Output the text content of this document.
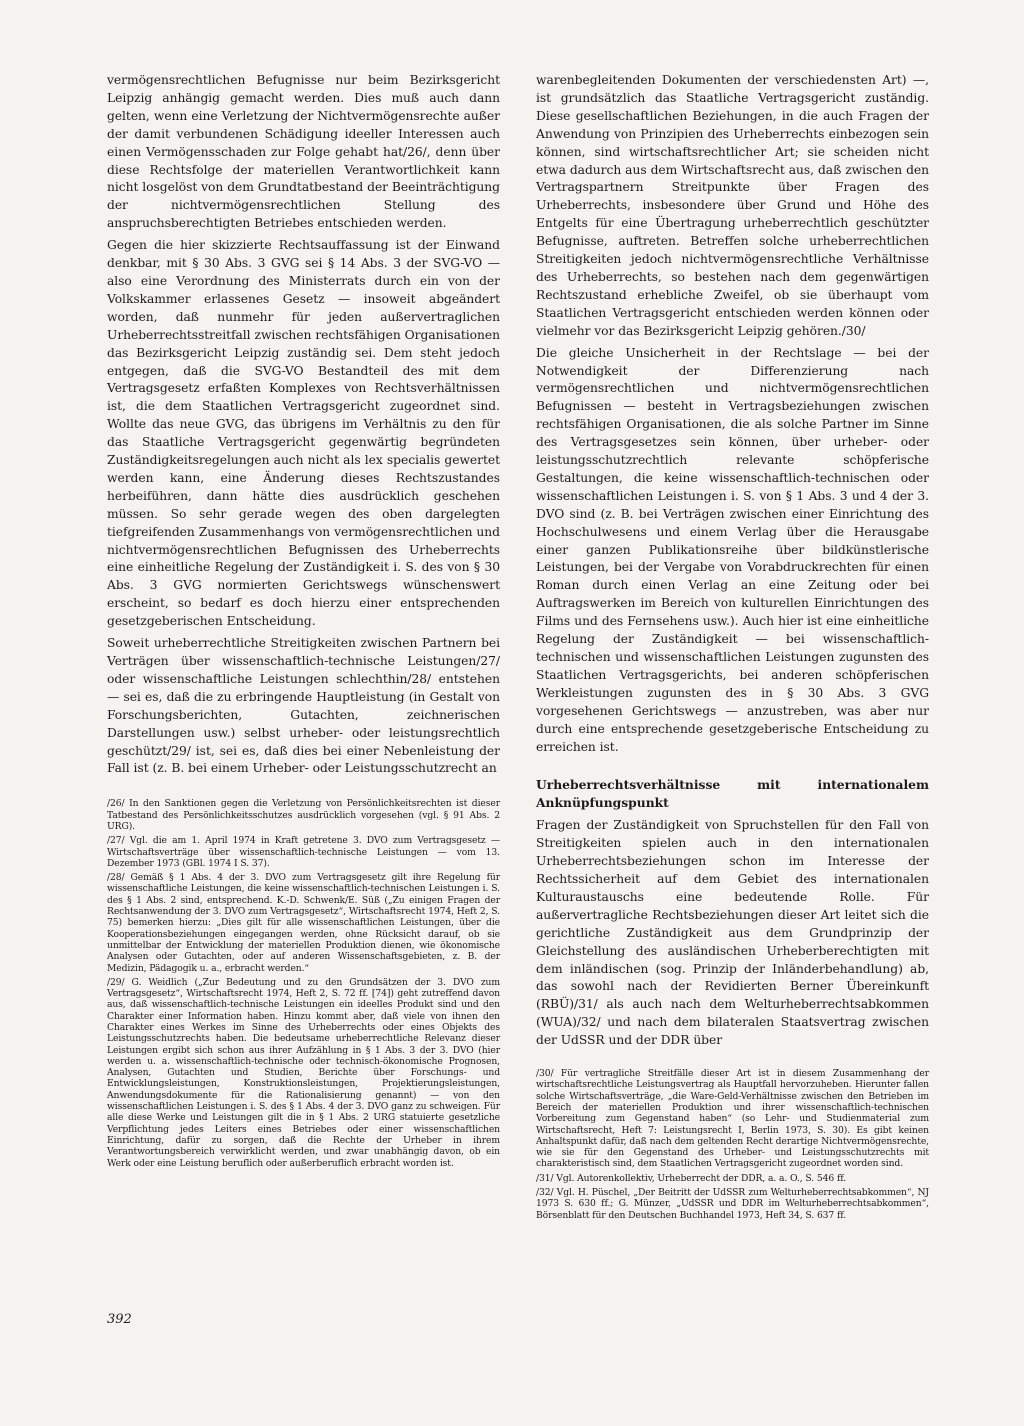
vermögensrechtlichen Befugnisse nur beim Bezirksgericht Leipzig anhängig gemacht werden. Dies muß auch dann gelten, wenn eine Verletzung der Nichtvermögensrechte außer der damit verbundenen Schädigung ideeller Interessen auch einen Vermögensschaden zur Folge gehabt hat/26/, denn über diese Rechtsfolge der materiellen Verantwortlichkeit kann nicht losgelöst von dem Grundtatbestand der Beeinträchtigung der nichtvermögensrechtlichen Stellung des anspruchsberechtigten Betriebes entschieden werden.

Gegen die hier skizzierte Rechtsauffassung ist der Einwand denkbar, mit § 30 Abs. 3 GVG sei § 14 Abs. 3 der SVG-VO — also eine Verordnung des Ministerrats durch ein von der Volkskammer erlassenes Gesetz — insoweit abgeändert worden, daß nunmehr für jeden außervertraglichen Urheberrechtsstreitfall zwischen rechtsfähigen Organisationen das Bezirksgericht Leipzig zuständig sei. Dem steht jedoch entgegen, daß die SVG-VO Bestandteil des mit dem Vertragsgesetz erfaßten Komplexes von Rechtsverhältnissen ist, die dem Staatlichen Vertragsgericht zugeordnet sind. Wollte das neue GVG, das übrigens im Verhältnis zu den für das Staatliche Vertragsgericht gegenwärtig begründeten Zuständigkeitsregelungen auch nicht als lex specialis gewertet werden kann, eine Änderung dieses Rechtszustandes herbeiführen, dann hätte dies ausdrücklich geschehen müssen. So sehr gerade wegen des oben dargelegten tiefgreifenden Zusammenhangs von vermögensrechtlichen und nichtvermögensrechtlichen Befugnissen des Urheberrechts eine einheitliche Regelung der Zuständigkeit i. S. des von § 30 Abs. 3 GVG normierten Gerichtswegs wünschenswert erscheint, so bedarf es doch hierzu einer entsprechenden gesetzgeberischen Entscheidung.

Soweit urheberrechtliche Streitigkeiten zwischen Partnern bei Verträgen über wissenschaftlich-technische Leistungen/27/ oder wissenschaftliche Leistungen schlechthin/28/ entstehen — sei es, daß die zu erbringende Hauptleistung (in Gestalt von Forschungsberichten, Gutachten, zeichnerischen Darstellungen usw.) selbst urheber- oder leistungsrechtlich geschützt/29/ ist, sei es, daß dies bei einer Nebenleistung der Fall ist (z. B. bei einem Urheber- oder Leistungsschutzrecht an

/26/ In den Sanktionen gegen die Verletzung von Persönlichkeitsrechten ist dieser Tatbestand des Persönlichkeitsschutzes ausdrücklich vorgesehen (vgl. § 91 Abs. 2 URG).

/27/ Vgl. die am 1. April 1974 in Kraft getretene 3. DVO zum Vertragsgesetz — Wirtschaftsverträge über wissenschaftlich-technische Leistungen — vom 13. Dezember 1973 (GBl. 1974 I S. 37).

/28/ Gemäß § 1 Abs. 4 der 3. DVO zum Vertragsgesetz gilt ihre Regelung für wissenschaftliche Leistungen, die keine wissenschaftlich-technischen Leistungen i. S. des § 1 Abs. 2 sind, entsprechend. K.-D. Schwenk/E. Süß („Zu einigen Fragen der Rechtsanwendung der 3. DVO zum Vertragsgesetz“, Wirtschaftsrecht 1974, Heft 2, S. 75) bemerken hierzu: „Dies gilt für alle wissenschaftlichen Leistungen, über die Kooperationsbeziehungen eingegangen werden, ohne Rücksicht darauf, ob sie unmittelbar der Entwicklung der materiellen Produktion dienen, wie ökonomische Analysen oder Gutachten, oder auf anderen Wissenschaftsgebieten, z. B. der Medizin, Pädagogik u. a., erbracht werden.“

/29/ G. Weidlich („Zur Bedeutung und zu den Grundsätzen der 3. DVO zum Vertragsgesetz“, Wirtschaftsrecht 1974, Heft 2, S. 72 ff. [74]) geht zutreffend davon aus, daß wissenschaftlich-technische Leistungen ein ideelles Produkt sind und den Charakter einer Information haben. Hinzu kommt aber, daß viele von ihnen den Charakter eines Werkes im Sinne des Urheberrechts oder eines Objekts des Leistungsschutzrechts haben. Die bedeutsame urheberrechtliche Relevanz dieser Leistungen ergibt sich schon aus ihrer Aufzählung in § 1 Abs. 3 der 3. DVO (hier werden u. a. wissenschaftlich-technische oder technisch-ökonomische Prognosen, Analysen, Gutachten und Studien, Berichte über Forschungs- und Entwicklungsleistungen, Konstruktionsleistungen, Projektierungsleistungen, Anwendungsdokumente für die Rationalisierung genannt) — von den wissenschaftlichen Leistungen i. S. des § 1 Abs. 4 der 3. DVO ganz zu schweigen. Für alle diese Werke und Leistungen gilt die in § 1 Abs. 2 URG statuierte gesetzliche Verpflichtung jedes Leiters eines Betriebes oder einer wissenschaftlichen Einrichtung, dafür zu sorgen, daß die Rechte der Urheber in ihrem Verantwortungsbereich verwirklicht werden, und zwar unabhängig davon, ob ein Werk oder eine Leistung beruflich oder außerberuflich erbracht worden ist.

warenbegleitenden Dokumenten der verschiedensten Art) —, ist grundsätzlich das Staatliche Vertragsgericht zuständig. Diese gesellschaftlichen Beziehungen, in die auch Fragen der Anwendung von Prinzipien des Urheberrechts einbezogen sein können, sind wirtschaftsrechtlicher Art; sie scheiden nicht etwa dadurch aus dem Wirtschaftsrecht aus, daß zwischen den Vertragspartnern Streitpunkte über Fragen des Urheberrechts, insbesondere über Grund und Höhe des Entgelts für eine Übertragung urheberrechtlich geschützter Befugnisse, auftreten. Betreffen solche urheberrechtlichen Streitigkeiten jedoch nichtvermögensrechtliche Verhältnisse des Urheberrechts, so bestehen nach dem gegenwärtigen Rechtszustand erhebliche Zweifel, ob sie überhaupt vom Staatlichen Vertragsgericht entschieden werden können oder vielmehr vor das Bezirksgericht Leipzig gehören./30/

Die gleiche Unsicherheit in der Rechtslage — bei der Notwendigkeit der Differenzierung nach vermögensrechtlichen und nichtvermögensrechtlichen Befugnissen — besteht in Vertragsbeziehungen zwischen rechtsfähigen Organisationen, die als solche Partner im Sinne des Vertragsgesetzes sein können, über urheber- oder leistungsschutzrechtlich relevante schöpferische Gestaltungen, die keine wissenschaftlich-technischen oder wissenschaftlichen Leistungen i. S. von § 1 Abs. 3 und 4 der 3. DVO sind (z. B. bei Verträgen zwischen einer Einrichtung des Hochschulwesens und einem Verlag über die Herausgabe einer ganzen Publikationsreihe über bildkünstlerische Leistungen, bei der Vergabe von Vorabdruckrechten für einen Roman durch einen Verlag an eine Zeitung oder bei Auftragswerken im Bereich von kulturellen Einrichtungen des Films und des Fernsehens usw.). Auch hier ist eine einheitliche Regelung der Zuständigkeit — bei wissenschaftlich-technischen und wissenschaftlichen Leistungen zugunsten des Staatlichen Vertragsgerichts, bei anderen schöpferischen Werkleistungen zugunsten des in § 30 Abs. 3 GVG vorgesehenen Gerichtswegs — anzustreben, was aber nur durch eine entsprechende gesetzgeberische Entscheidung zu erreichen ist.

Urheberrechtsverhältnisse mit internationalem Anknüpfungspunkt

Fragen der Zuständigkeit von Spruchstellen für den Fall von Streitigkeiten spielen auch in den internationalen Urheberrechtsbeziehungen schon im Interesse der Rechtssicherheit auf dem Gebiet des internationalen Kulturaustauschs eine bedeutende Rolle. Für außervertragliche Rechtsbeziehungen dieser Art leitet sich die gerichtliche Zuständigkeit aus dem Grundprinzip der Gleichstellung des ausländischen Urheberberechtigten mit dem inländischen (sog. Prinzip der Inländerbehandlung) ab, das sowohl nach der Revidierten Berner Übereinkunft (RBÜ)/31/ als auch nach dem Welturheberrechtsabkommen (WUA)/32/ und nach dem bilateralen Staatsvertrag zwischen der UdSSR und der DDR über

/30/ Für vertragliche Streitfälle dieser Art ist in diesem Zusammenhang der wirtschaftsrechtliche Leistungsvertrag als Hauptfall hervorzuheben. Hierunter fallen solche Wirtschaftsverträge, „die Ware-Geld-Verhältnisse zwischen den Betrieben im Bereich der materiellen Produktion und ihrer wissenschaftlich-technischen Vorbereitung zum Gegenstand haben“ (so Lehr- und Studienmaterial zum Wirtschaftsrecht, Heft 7: Leistungsrecht I, Berlin 1973, S. 30). Es gibt keinen Anhaltspunkt dafür, daß nach dem geltenden Recht derartige Nichtvermögensrechte, wie sie für den Gegenstand des Urheber- und Leistungsschutzrechts mit charakteristisch sind, dem Staatlichen Vertragsgericht zugeordnet worden sind.

/31/ Vgl. Autorenkollektiv, Urheberrecht der DDR, a. a. O., S. 546 ff.

/32/ Vgl. H. Püschel, „Der Beitritt der UdSSR zum Welturheberrechtsabkommen“, NJ 1973 S. 630 ff.; G. Münzer, „UdSSR und DDR im Welturheberrechtsabkommen“, Börsenblatt für den Deutschen Buchhandel 1973, Heft 34, S. 637 ff.

392
